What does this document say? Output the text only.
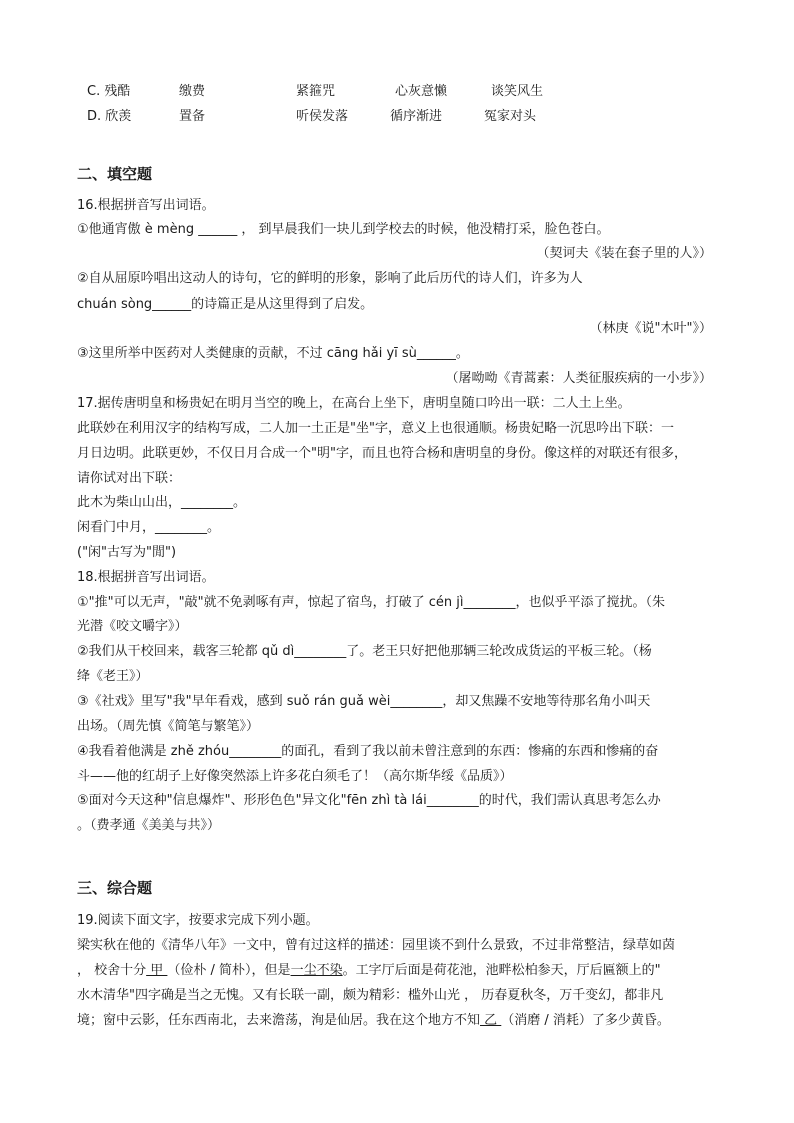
C. 残酷	缴费	紧箍咒	心灰意懒	谈笑风生
D. 欣羡	置备	听侯发落	循序渐进	冤家对头
二、填空题
16.根据拼音写出词语。
①他通宵傲 è mèng ______ ， 到早晨我们一块儿到学校去的时候，他没精打采，脸色苍白。
（契诃夫《装在套子里的人》）
②自从屈原吟唱出这动人的诗句，它的鲜明的形象，影响了此后历代的诗人们，许多为人
chuán sòng______的诗篇正是从这里得到了启发。
（林庚《说"木叶"》）
③这里所举中医药对人类健康的贡献，不过 cāng hǎi yī sù______。
（屠呦呦《青蒿素：人类征服疾病的一小步》）
17.据传唐明皇和杨贵妃在明月当空的晚上，在高台上坐下，唐明皇随口吟出一联：二人土上坐。
此联妙在利用汉字的结构写成，二人加一土正是"坐"字，意义上也很通顺。杨贵妃略一沉思吟出下联：一
月日边明。此联更妙，不仅日月合成一个"明"字，而且也符合杨和唐明皇的身份。像这样的对联还有很多，
请你试对出下联：
此木为柴山山出，________。
闲看门中月，________。
("闲"古写为"閒")
18.根据拼音写出词语。
①"推"可以无声，"敲"就不免剥啄有声，惊起了宿鸟，打破了 cén jì________，也似乎平添了搅扰。（朱
光潜《咬文嚼字》）
②我们从干校回来，载客三轮都 qǔ dì________了。老王只好把他那辆三轮改成货运的平板三轮。（杨
绛《老王》）
③《社戏》里写"我"早年看戏，感到 suǒ rán guǎ wèi________，却又焦躁不安地等待那名角小叫天
出场。（周先慎《简笔与繁笔》）
④我看着他满是 zhě zhóu________的面孔，看到了我以前未曾注意到的东西：惨痛的东西和惨痛的奋
斗——他的红胡子上好像突然添上许多花白须毛了！（高尔斯华绥《品质》）
⑤面对今天这种"信息爆炸"、形形色色"异文化"fēn zhì tà lái________的时代，我们需认真思考怎么办
。（费孝通《美美与共》）
三、综合题
19.阅读下面文字，按要求完成下列小题。
梁实秋在他的《清华八年》一文中，曾有过这样的描述：园里谈不到什么景致，不过非常整洁，绿草如茵
， 校舍十分 甲 （俭朴 / 简朴），但是一尘不染。工字厅后面是荷花池，池畔松柏参天，厅后匾额上的"
水木清华"四字确是当之无愧。又有长联一副，颇为精彩：槛外山光 ， 历春夏秋冬，万千变幻，都非凡
境；窗中云影，任东西南北，去来澹荡，洵是仙居。我在这个地方不知 乙 （消磨 / 消耗）了多少黄昏。
